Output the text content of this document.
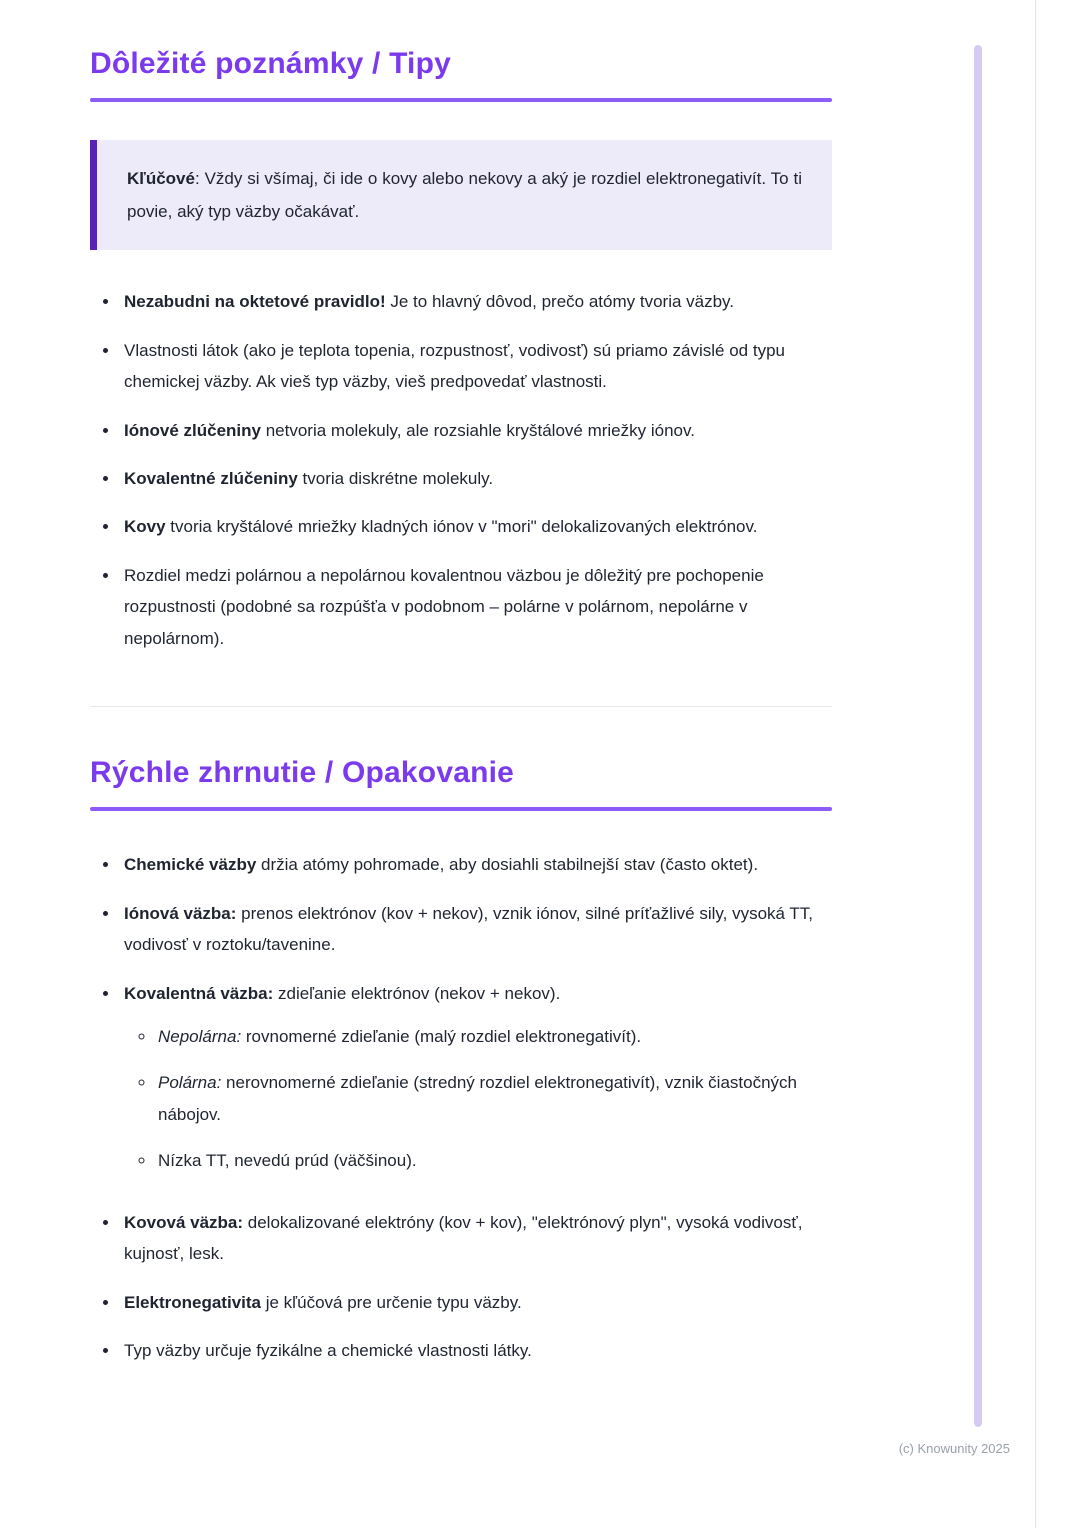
Dôležité poznámky / Tipy

Kľúčové: Vždy si všímaj, či ide o kovy alebo nekovy a aký je rozdiel elektronegativít. To ti povie, aký typ väzby očakávať.

• Nezabudni na oktetové pravidlo! Je to hlavný dôvod, prečo atómy tvoria väzby.
• Vlastnosti látok (ako je teplota topenia, rozpustnosť, vodivosť) sú priamo závislé od typu chemickej väzby. Ak vieš typ väzby, vieš predpovedať vlastnosti.
• Iónové zlúčeniny netvoria molekuly, ale rozsiahle kryštálové mriežky iónov.
• Kovalentné zlúčeniny tvoria diskrétne molekuly.
• Kovy tvoria kryštálové mriežky kladných iónov v "mori" delokalizovaných elektrónov.
• Rozdiel medzi polárnou a nepolárnou kovalentnou väzbou je dôležitý pre pochopenie rozpustnosti (podobné sa rozpúšťa v podobnom – polárne v polárnom, nepolárne v nepolárnom).
Rýchle zhrnutie / Opakovanie
• Chemické väzby držia atómy pohromade, aby dosiahli stabilnejší stav (často oktet).
• Iónová väzba: prenos elektrónov (kov + nekov), vznik iónov, silné príťažlivé sily, vysoká TT, vodivosť v roztoku/tavenine.
• Kovalentná väzba: zdieľanie elektrónov (nekov + nekov).
◦ Nepolárna: rovnomerné zdieľanie (malý rozdiel elektronegativít).
◦ Polárna: nerovnomerné zdieľanie (stredný rozdiel elektronegativít), vznik čiastočných nábojov.
◦ Nízka TT, nevedú prúd (väčšinou).
• Kovová väzba: delokalizované elektróny (kov + kov), "elektrónový plyn", vysoká vodivosť, kujnosť, lesk.
• Elektronegativita je kľúčová pre určenie typu väzby.
• Typ väzby určuje fyzikálne a chemické vlastnosti látky.
(c) Knowunity 2025
